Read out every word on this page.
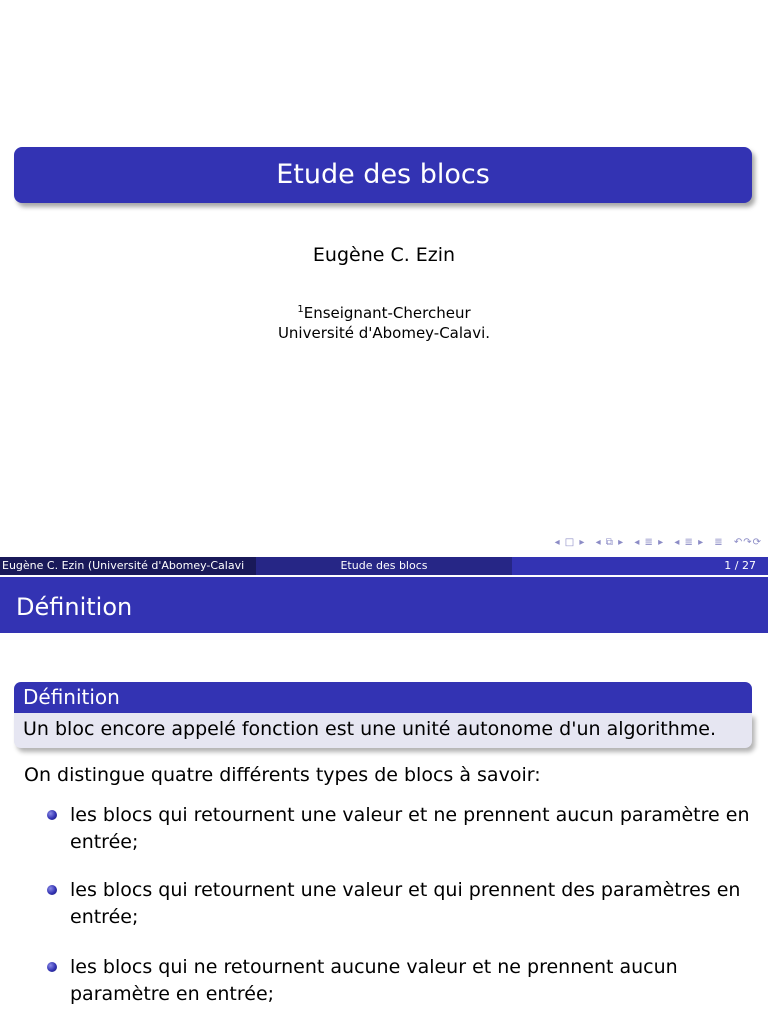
Etude des blocs
Eugène C. Ezin
$^1$Enseignant-Chercheur
Université d'Abomey-Calavi.
◂ □ ▸ ◂ ⧉ ▸ ◂ ≣ ▸ ◂ ≣ ▸ ≣ ↶↷⟳
Eugène C. Ezin (Université d'Abomey-Calavi	Etude des blocs	1 / 27
Définition
Définition
Un bloc encore appelé fonction est une unité autonome d'un algorithme.
On distingue quatre différents types de blocs à savoir:
les blocs qui retournent une valeur et ne prennent aucun paramètre en entrée;
les blocs qui retournent une valeur et qui prennent des paramètres en entrée;
les blocs qui ne retournent aucune valeur et ne prennent aucun paramètre en entrée;
